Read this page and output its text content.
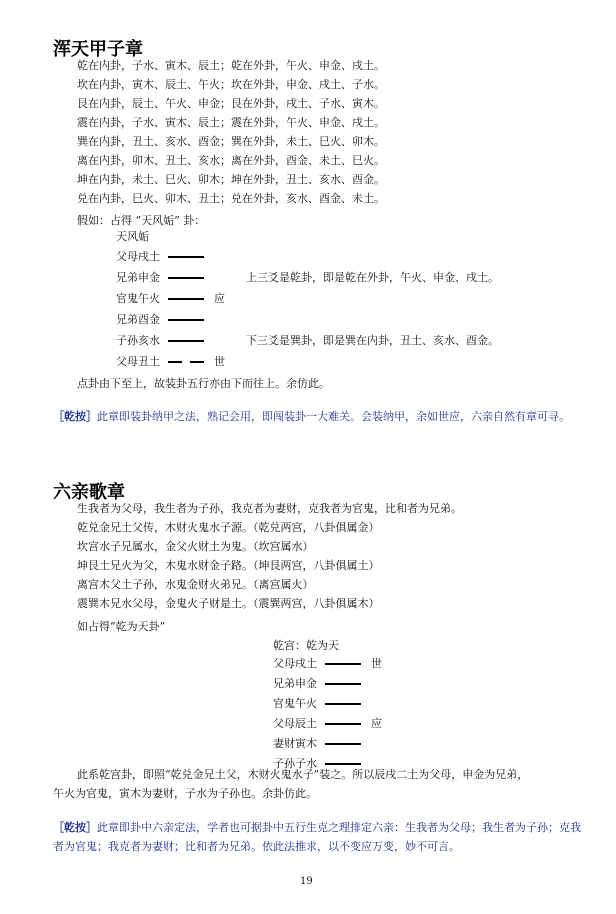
浑天甲子章
乾在内卦，子水、寅木、辰土；乾在外卦，午火、申金、戌土。
坎在内卦，寅木、辰土、午火；坎在外卦，申金、戌土、子水。
艮在内卦，辰土、午火、申金；艮在外卦，戌土、子水、寅木。
震在内卦，子水、寅木、辰土；震在外卦，午火、申金、戌土。
巽在内卦，丑土、亥水、酉金；巽在外卦，未土、巳火、卯木。
离在内卦，卯木、丑土、亥水；离在外卦，酉金、未土、巳火。
坤在内卦，未土、巳火、卯木；坤在外卦，丑土、亥水、酉金。
兑在内卦，巳火、卯木、丑土；兑在外卦，亥水、酉金、未土。
假如：占得 “天风姤” 卦：
天风姤
父母戌土
兄弟申金
官鬼午火	应
兄弟酉金
子孙亥水
父母丑土	世
上三爻是乾卦，即是乾在外卦，午火、申金、戌土。
下三爻是巽卦，即是巽在内卦，丑土、亥水、酉金。
点卦由下至上，故装卦五行亦由下而往上。余仿此。
［乾按］此章即装卦纳甲之法，熟记会用，即闯装卦一大难关。会装纳甲，余如世应，六亲自然有章可寻。
六亲歌章
生我者为父母，我生者为子孙，我克者为妻财，克我者为官鬼，比和者为兄弟。
乾兑金兄土父传，木财火鬼水子源。（乾兑两宫，八卦俱属金）
坎宫水子兄属水，金父火财土为鬼。（坎宫属水）
坤艮土兄火为父，木鬼水财金子路。（坤艮两宫，八卦俱属土）
离宫木父土子孙，水鬼金财火弟兄。（离宫属火）
震巽木兄水父母，金鬼火子财是土。（震巽两宫，八卦俱属木）
如占得“乾为天卦”
乾宫：乾为天
父母戌土	世
兄弟申金
官鬼午火
父母辰土	应
妻财寅木
子孙子水
此系乾宫卦，即照“乾兑金兄土父，木财火鬼水子”装之。所以辰戌二土为父母，申金为兄弟，
午火为官鬼，寅木为妻财，子水为子孙也。余卦仿此。
［乾按］此章即卦中六亲定法，学者也可据卦中五行生克之理排定六亲：生我者为父母；我生者为子孙；克我者为官鬼；我克者为妻财；比和者为兄弟。依此法推求，以不变应万变，妙不可言。
19
